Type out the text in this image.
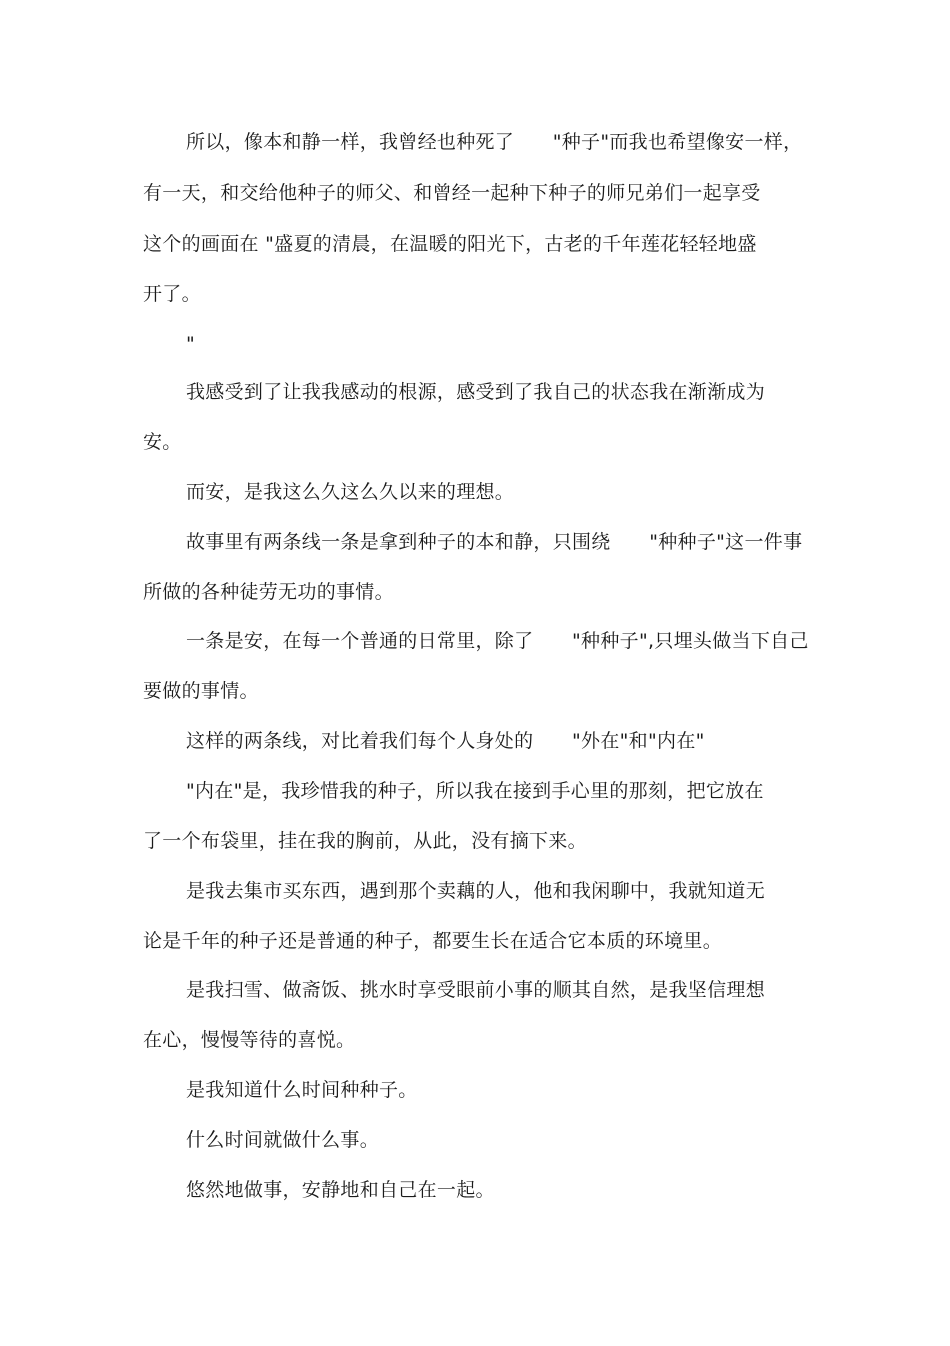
所以，像本和静一样，我曾经也种死了　　"种子"而我也希望像安一样，
有一天，和交给他种子的师父、和曾经一起种下种子的师兄弟们一起享受
这个的画面在 "盛夏的清晨，在温暖的阳光下，古老的千年莲花轻轻地盛
开了。
"
我感受到了让我我感动的根源，感受到了我自己的状态我在渐渐成为
安。
而安，是我这么久这么久以来的理想。
故事里有两条线一条是拿到种子的本和静，只围绕　　"种种子"这一件事
所做的各种徒劳无功的事情。
一条是安，在每一个普通的日常里，除了　　"种种子",只埋头做当下自己
要做的事情。
这样的两条线，对比着我们每个人身处的　　"外在"和"内在"
"内在"是，我珍惜我的种子，所以我在接到手心里的那刻，把它放在
了一个布袋里，挂在我的胸前，从此，没有摘下来。
是我去集市买东西，遇到那个卖藕的人，他和我闲聊中，我就知道无
论是千年的种子还是普通的种子，都要生长在适合它本质的环境里。
是我扫雪、做斋饭、挑水时享受眼前小事的顺其自然，是我坚信理想
在心，慢慢等待的喜悦。
是我知道什么时间种种子。
什么时间就做什么事。
悠然地做事，安静地和自己在一起。
